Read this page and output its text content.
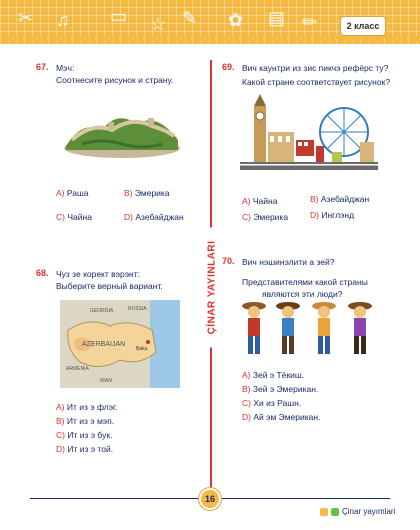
✂ ♫ ▭ ☆ ✎ ✿ ▤ ✏	2 класс
ÇİNAR YAYINLARI
67. Мэч:
Соотнесите рисунок и страну.
A) Раша	B) Эмерика
C) Чайна	D) Азебайджан
68. Чуз зе корект вэрэнт:
Выберите верный вариант.
AZERBAIJAN
GEORGIA	RUSSIA
ARMENIA
IRAN
Baku
A) Ит из э флэг.
B) Ит из э мэп.
C) Ит из э бук.
D) Ит из э той.
69. Вич каунтри из зис пикчэ рефёрс ту?
Какой стране соответствует рисунок?
A) Чайна	B) Азебайджан
C) Эмерика	D) Инглэнд
70. Вич нэшинэлити а зей?
Представителями какой страны
являются эти люди?
A) Зей э Тёкиш.
B) Зей э Эмерикан.
C) Хи из Рашн.
D) Ай эм Эмерикан.
16
Çinar yayımlari
